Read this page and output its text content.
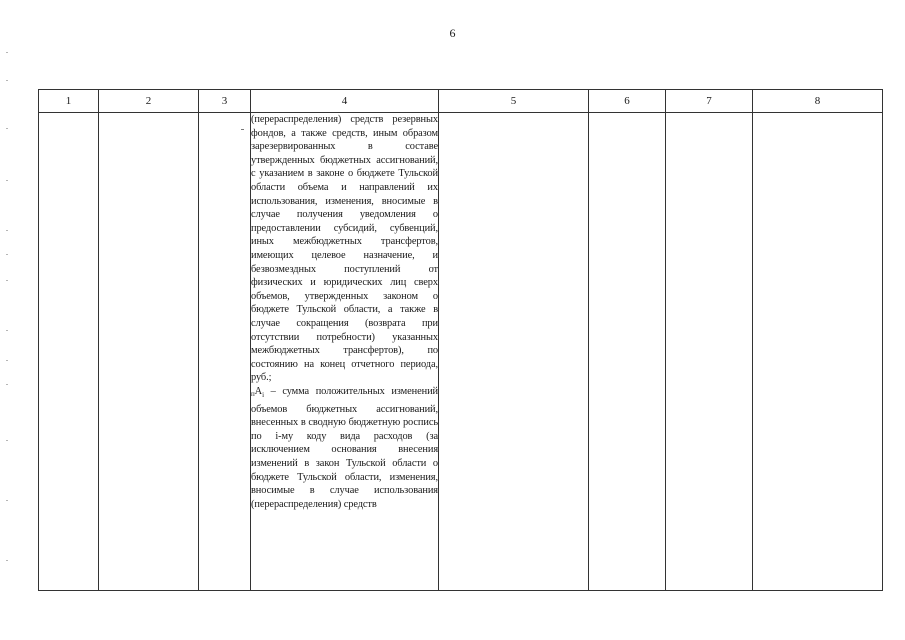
6
1	2	3	4	5	6	7	8

			(перераспределения) средств резервных фондов, а также средств, иным образом зарезервированных в составе утвержденных бюджетных ассигнований, с указанием в законе о бюджете Тульской области объема и направлений их использования, изменения, вносимые в случае получения уведомления о предоставлении субсидий, субвенций, иных межбюджетных трансфертов, имеющих целевое назначение, и безвозмездных поступлений от физических и юридических лиц сверх объемов, утвержденных законом о бюджете Тульской области, а также в случае сокращения (возврата при отсутствии потребности) указанных межбюджетных трансфертов), по состоянию на конец отчетного периода, руб.;
$пA_i$ – сумма положительных изменений объемов бюджетных ассигнований, внесенных в сводную бюджетную роспись по i-му коду вида расходов (за исключением основания внесения изменений в закон Тульской области о бюджете Тульской области, изменения, вносимые в случае использования (перераспределения) средств				
